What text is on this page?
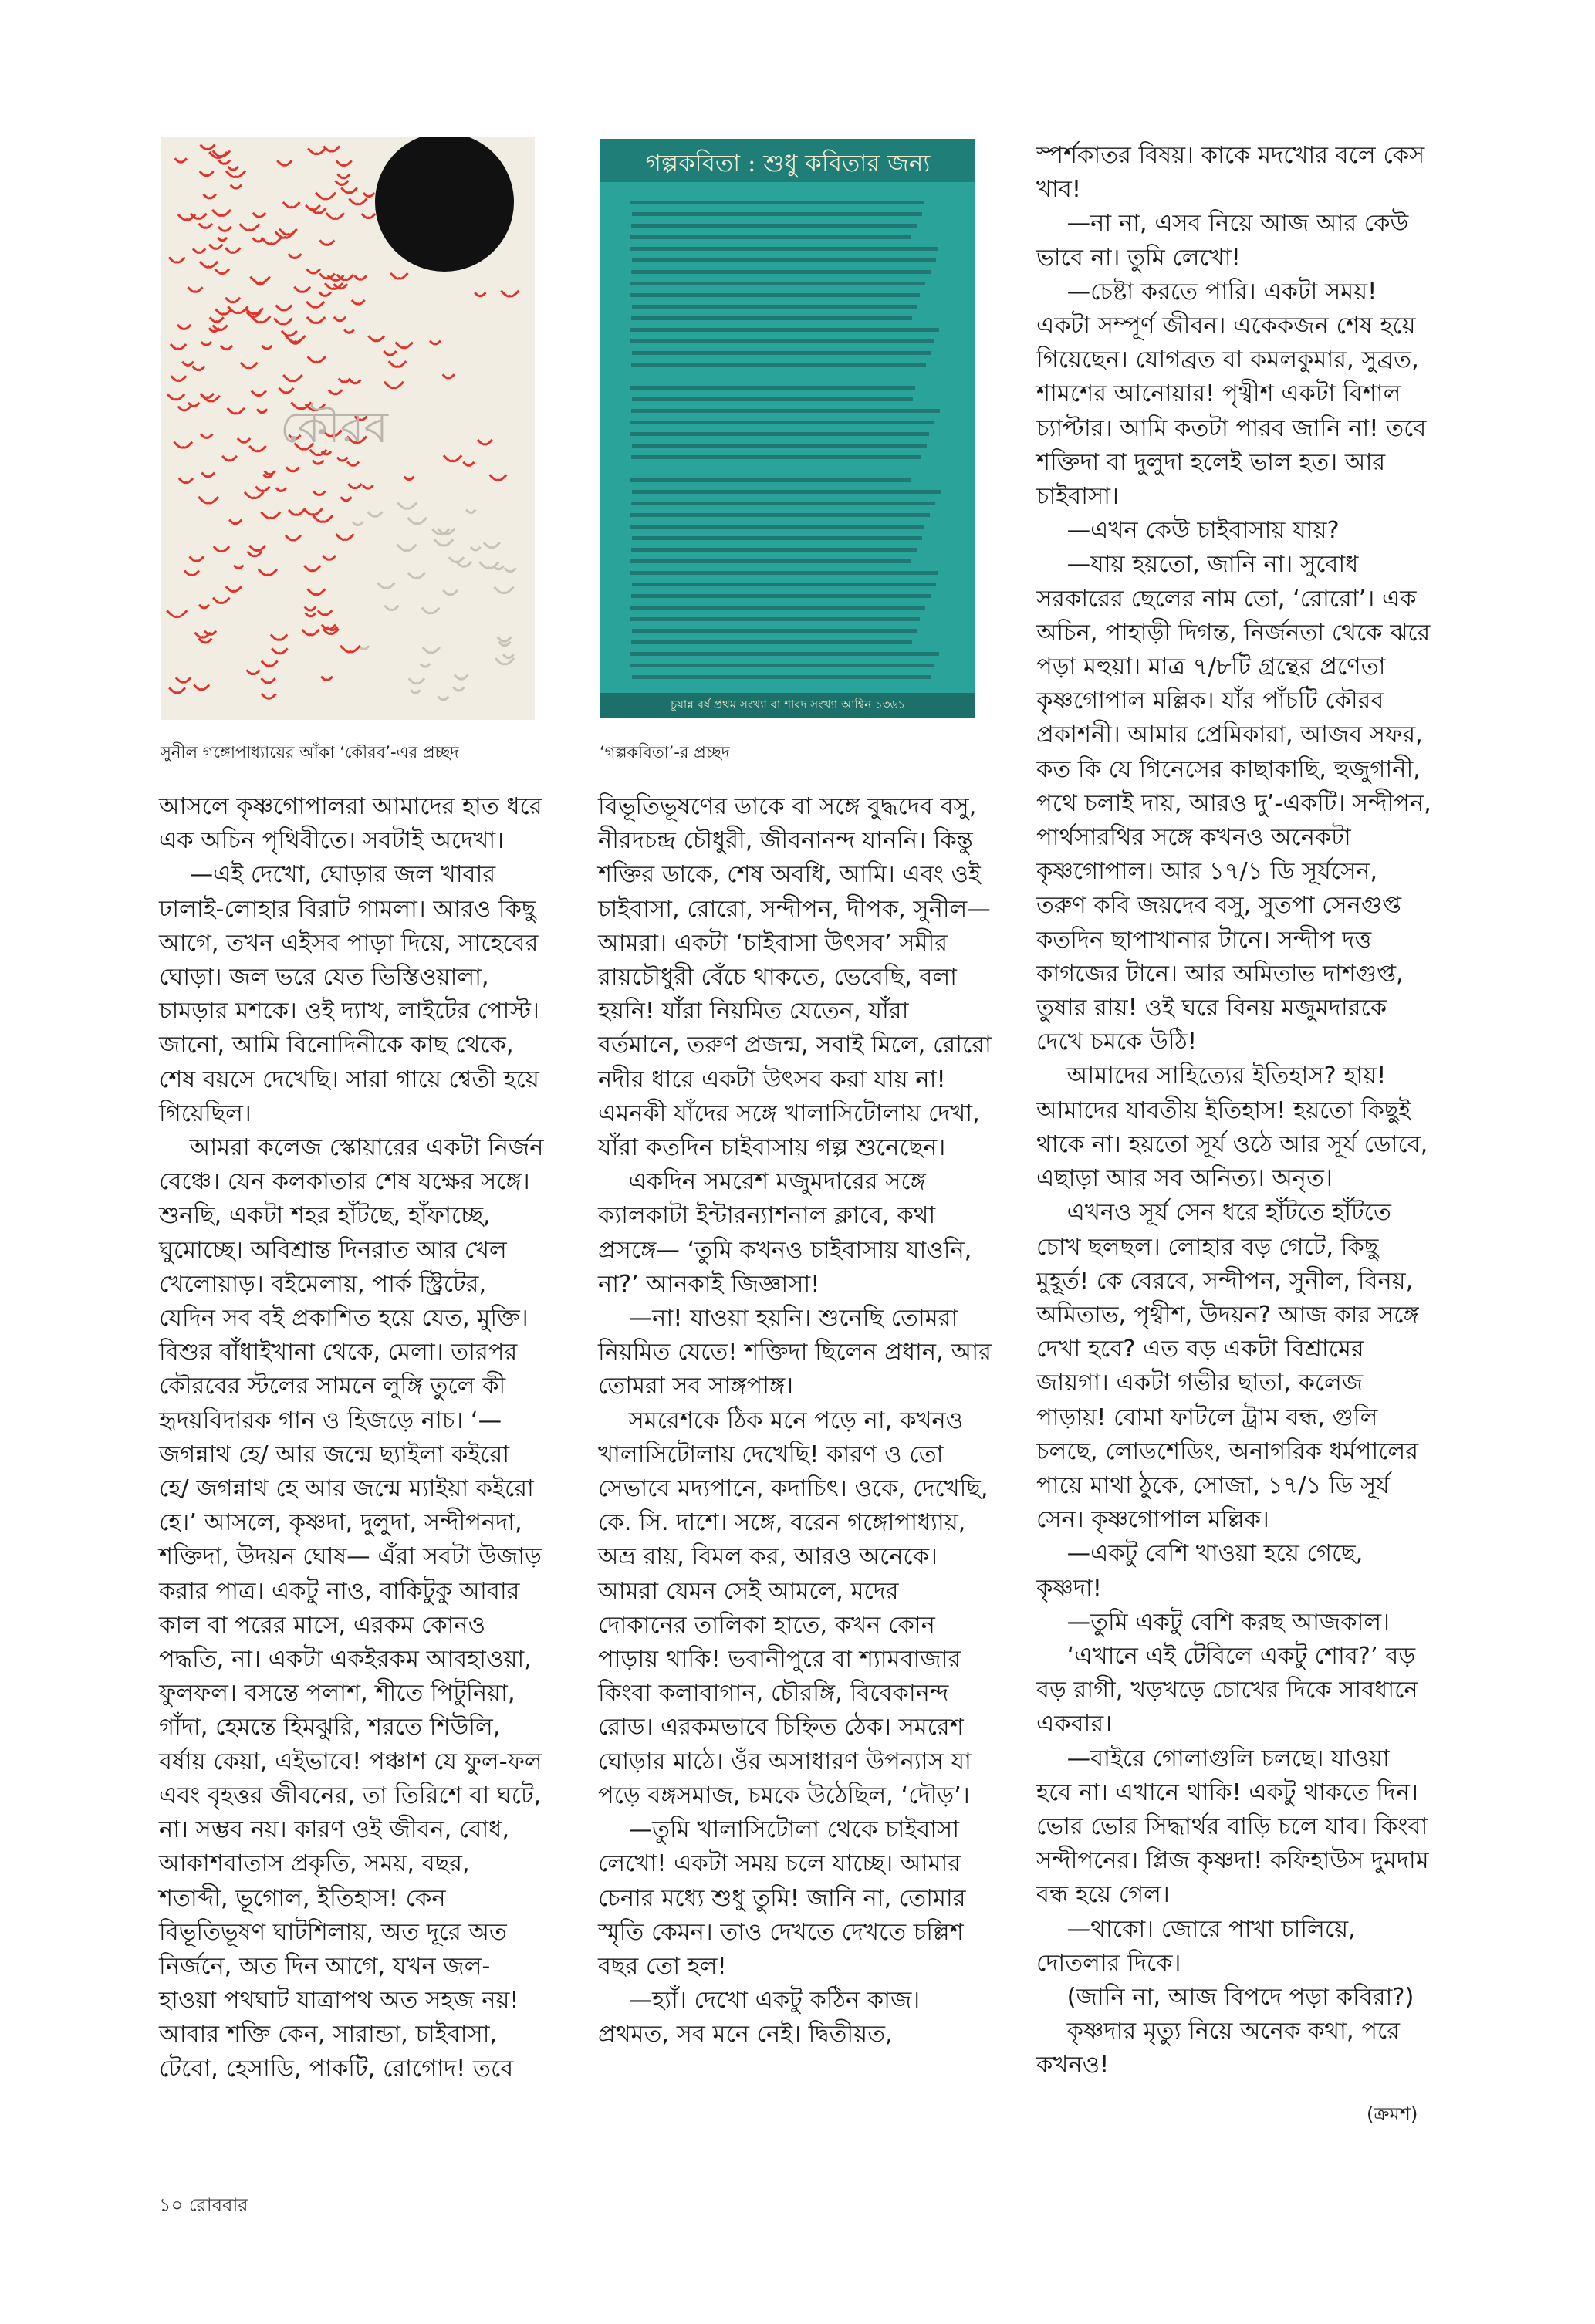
কৌরব
সুনীল গঙ্গোপাধ্যায়ের আঁকা ‘কৌরব’-এর প্রচ্ছদ
গল্পকবিতা : শুধু কবিতার জন্য
চুয়ান্ন বর্ষ প্রথম সংখ্যা বা শারদ সংখ্যা আশ্বিন ১৩৬১
‘গল্পকবিতা’-র প্রচ্ছদ

আসলে কৃষ্ণগোপালরা আমাদের হাত ধরে এক অচিন পৃথিবীতে। সবটাই অদেখা।

—এই দেখো, ঘোড়ার জল খাবার ঢালাই-লোহার বিরাট গামলা। আরও কিছু আগে, তখন এইসব পাড়া দিয়ে, সাহেবের ঘোড়া। জল ভরে যেত ভিস্তিওয়ালা, চামড়ার মশকে। ওই দ্যাখ, লাইটের পোস্ট। জানো, আমি বিনোদিনীকে কাছ থেকে, শেষ বয়সে দেখেছি। সারা গায়ে শ্বেতী হয়ে গিয়েছিল।

আমরা কলেজ স্কোয়ারের একটা নির্জন বেঞ্চে। যেন কলকাতার শেষ যক্ষের সঙ্গে। শুনছি, একটা শহর হাঁটছে, হাঁফাচ্ছে, ঘুমোচ্ছে। অবিশ্রান্ত দিনরাত আর খেল খেলোয়াড়। বইমেলায়, পার্ক স্ট্রিটের, যেদিন সব বই প্রকাশিত হয়ে যেত, মুক্তি। বিশুর বাঁধাইখানা থেকে, মেলা। তারপর কৌরবের স্টলের সামনে লুঙ্গি তুলে কী হৃদয়বিদারক গান ও হিজড়ে নাচ। ‘—জগন্নাথ হে/ আর জন্মে ছ্যাইলা কইরো হে/ জগন্নাথ হে আর জন্মে ম্যাইয়া কইরো হে।’ আসলে, কৃষ্ণদা, দুলুদা, সন্দীপনদা, শক্তিদা, উদয়ন ঘোষ— এঁরা সবটা উজাড় করার পাত্র। একটু নাও, বাকিটুকু আবার কাল বা পরের মাসে, এরকম কোনও পদ্ধতি, না। একটা একইরকম আবহাওয়া, ফুলফল। বসন্তে পলাশ, শীতে পিটুনিয়া, গাঁদা, হেমন্তে হিমঝুরি, শরতে শিউলি, বর্ষায় কেয়া, এইভাবে! পঞ্চাশ যে ফুল-ফল এবং বৃহত্তর জীবনের, তা তিরিশে বা ঘটে, না। সম্ভব নয়। কারণ ওই জীবন, বোধ, আকাশবাতাস প্রকৃতি, সময়, বছর, শতাব্দী, ভূগোল, ইতিহাস! কেন বিভূতিভূষণ ঘাটশিলায়, অত দূরে অত নির্জনে, অত দিন আগে, যখন জল-হাওয়া পথঘাট যাত্রাপথ অত সহজ নয়! আবার শক্তি কেন, সারান্ডা, চাইবাসা, টেবো, হেসাডি, পাকটি, রোগোদ! তবে

বিভূতিভূষণের ডাকে বা সঙ্গে বুদ্ধদেব বসু, নীরদচন্দ্র চৌধুরী, জীবনানন্দ যাননি। কিন্তু শক্তির ডাকে, শেষ অবধি, আমি। এবং ওই চাইবাসা, রোরো, সন্দীপন, দীপক, সুনীল— আমরা। একটা ‘চাইবাসা উৎসব’ সমীর রায়চৌধুরী বেঁচে থাকতে, ভেবেছি, বলা হয়নি! যাঁরা নিয়মিত যেতেন, যাঁরা বর্তমানে, তরুণ প্রজন্ম, সবাই মিলে, রোরো নদীর ধারে একটা উৎসব করা যায় না! এমনকী যাঁদের সঙ্গে খালাসিটোলায় দেখা, যাঁরা কতদিন চাইবাসায় গল্প শুনেছেন।

একদিন সমরেশ মজুমদারের সঙ্গে ক্যালকাটা ইন্টারন্যাশনাল ক্লাবে, কথা প্রসঙ্গে— ‘তুমি কখনও চাইবাসায় যাওনি, না?’ আনকাই জিজ্ঞাসা!

—না! যাওয়া হয়নি। শুনেছি তোমরা নিয়মিত যেতে! শক্তিদা ছিলেন প্রধান, আর তোমরা সব সাঙ্গপাঙ্গ।

সমরেশকে ঠিক মনে পড়ে না, কখনও খালাসিটোলায় দেখেছি! কারণ ও তো সেভাবে মদ্যপানে, কদাচিৎ। ওকে, দেখেছি, কে. সি. দাশে। সঙ্গে, বরেন গঙ্গোপাধ্যায়, অভ্র রায়, বিমল কর, আরও অনেকে। আমরা যেমন সেই আমলে, মদের দোকানের তালিকা হাতে, কখন কোন পাড়ায় থাকি! ভবানীপুরে বা শ্যামবাজার কিংবা কলাবাগান, চৌরঙ্গি, বিবেকানন্দ রোড। এরকমভাবে চিহ্নিত ঠেক। সমরেশ ঘোড়ার মাঠে। ওঁর অসাধারণ উপন্যাস যা পড়ে বঙ্গসমাজ, চমকে উঠেছিল, ‘দৌড়’।

—তুমি খালাসিটোলা থেকে চাইবাসা লেখো! একটা সময় চলে যাচ্ছে। আমার চেনার মধ্যে শুধু তুমি! জানি না, তোমার স্মৃতি কেমন। তাও দেখতে দেখতে চল্লিশ বছর তো হল!

—হ্যাঁ। দেখো একটু কঠিন কাজ। প্রথমত, সব মনে নেই। দ্বিতীয়ত,

স্পর্শকাতর বিষয়। কাকে মদখোর বলে কেস খাব!

—না না, এসব নিয়ে আজ আর কেউ ভাবে না। তুমি লেখো!

—চেষ্টা করতে পারি। একটা সময়! একটা সম্পূর্ণ জীবন। একেকজন শেষ হয়ে গিয়েছেন। যোগব্রত বা কমলকুমার, সুব্রত, শামশের আনোয়ার! পৃথ্বীশ একটা বিশাল চ্যাপ্টার। আমি কতটা পারব জানি না! তবে শক্তিদা বা দুলুদা হলেই ভাল হত। আর চাইবাসা।

—এখন কেউ চাইবাসায় যায়?

—যায় হয়তো, জানি না। সুবোধ সরকারের ছেলের নাম তো, ‘রোরো’। এক অচিন, পাহাড়ী দিগন্ত, নির্জনতা থেকে ঝরে পড়া মহুয়া। মাত্র ৭/৮টি গ্রন্থের প্রণেতা কৃষ্ণগোপাল মল্লিক। যাঁর পাঁচটি কৌরব প্রকাশনী। আমার প্রেমিকারা, আজব সফর, কত কি যে গিনেসের কাছাকাছি, হুজুগানী, পথে চলাই দায়, আরও দু’-একটি। সন্দীপন, পার্থসারথির সঙ্গে কখনও অনেকটা কৃষ্ণগোপাল। আর ১৭/১ ডি সূর্যসেন, তরুণ কবি জয়দেব বসু, সুতপা সেনগুপ্ত কতদিন ছাপাখানার টানে। সন্দীপ দত্ত কাগজের টানে। আর অমিতাভ দাশগুপ্ত, তুষার রায়! ওই ঘরে বিনয় মজুমদারকে দেখে চমকে উঠি!

আমাদের সাহিত্যের ইতিহাস? হায়! আমাদের যাবতীয় ইতিহাস! হয়তো কিছুই থাকে না। হয়তো সূর্য ওঠে আর সূর্য ডোবে, এছাড়া আর সব অনিত্য। অনৃত।

এখনও সূর্য সেন ধরে হাঁটতে হাঁটতে চোখ ছলছল। লোহার বড় গেটে, কিছু মুহূর্ত! কে বেরবে, সন্দীপন, সুনীল, বিনয়, অমিতাভ, পৃথ্বীশ, উদয়ন? আজ কার সঙ্গে দেখা হবে? এত বড় একটা বিশ্রামের জায়গা। একটা গভীর ছাতা, কলেজ পাড়ায়! বোমা ফাটলে ট্রাম বন্ধ, গুলি চলছে, লোডশেডিং, অনাগরিক ধর্মপালের পায়ে মাথা ঠুকে, সোজা, ১৭/১ ডি সূর্য সেন। কৃষ্ণগোপাল মল্লিক।

—একটু বেশি খাওয়া হয়ে গেছে, কৃষ্ণদা!

—তুমি একটু বেশি করছ আজকাল।

‘এখানে এই টেবিলে একটু শোব?’ বড় বড় রাগী, খড়খড়ে চোখের দিকে সাবধানে একবার।

—বাইরে গোলাগুলি চলছে। যাওয়া হবে না। এখানে থাকি! একটু থাকতে দিন। ভোর ভোর সিদ্ধার্থর বাড়ি চলে যাব। কিংবা সন্দীপনের। প্লিজ কৃষ্ণদা! কফিহাউস দুমদাম বন্ধ হয়ে গেল।

—থাকো। জোরে পাখা চালিয়ে, দোতলার দিকে।

(জানি না, আজ বিপদে পড়া কবিরা?)

কৃষ্ণদার মৃত্যু নিয়ে অনেক কথা, পরে কখনও!

(ক্রমশ)
১০ রোববার
